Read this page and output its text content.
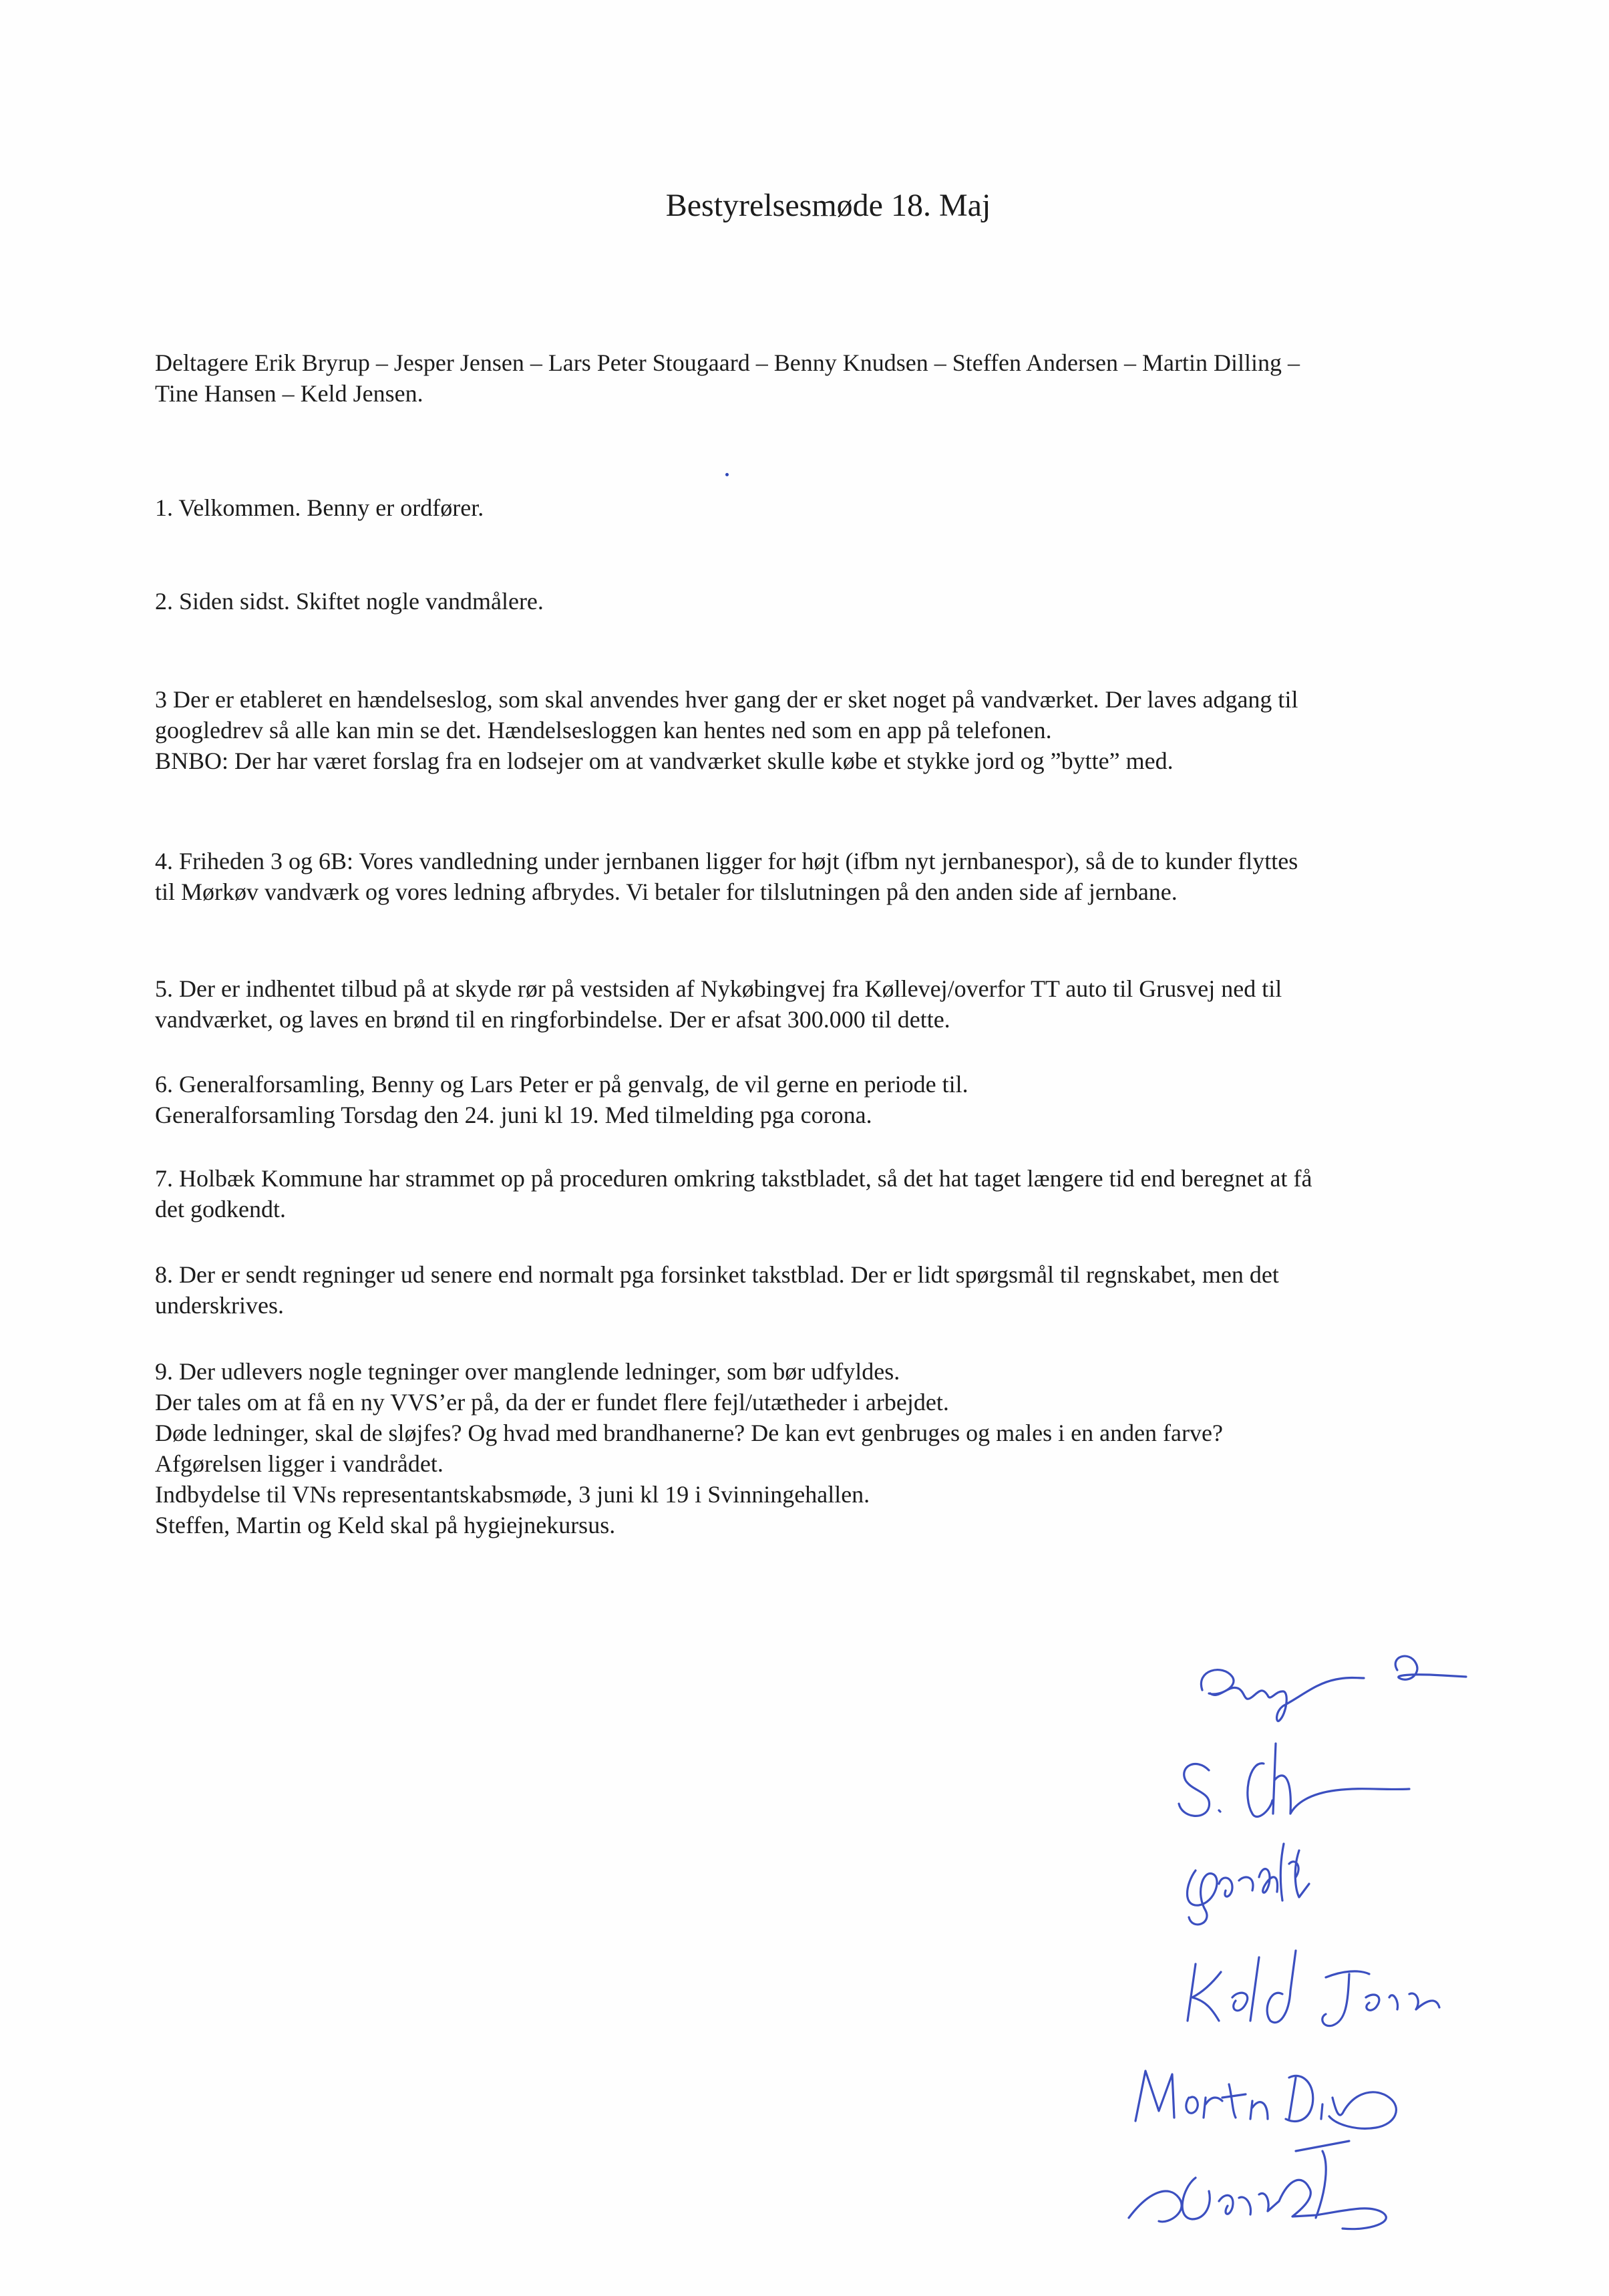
Bestyrelsesmøde 18. Maj
Deltagere Erik Bryrup – Jesper Jensen – Lars Peter Stougaard – Benny Knudsen – Steffen Andersen – Martin Dilling –
Tine Hansen – Keld Jensen.
1. Velkommen. Benny er ordfører.
2. Siden sidst. Skiftet nogle vandmålere.
3 Der er etableret en hændelseslog, som skal anvendes hver gang der er sket noget på vandværket. Der laves adgang til
googledrev så alle kan min se det. Hændelsesloggen kan hentes ned som en app på telefonen.
BNBO: Der har været forslag fra en lodsejer om at vandværket skulle købe et stykke jord og ”bytte” med.
4. Friheden 3 og 6B: Vores vandledning under jernbanen ligger for højt (ifbm nyt jernbanespor), så de to kunder flyttes
til Mørkøv vandværk og vores ledning afbrydes. Vi betaler for tilslutningen på den anden side af jernbane.
5. Der er indhentet tilbud på at skyde rør på vestsiden af Nykøbingvej fra Køllevej/overfor TT auto til Grusvej ned til
vandværket, og laves en brønd til en ringforbindelse. Der er afsat 300.000 til dette.
6. Generalforsamling, Benny og Lars Peter er på genvalg, de vil gerne en periode til.
Generalforsamling Torsdag den 24. juni kl 19. Med tilmelding pga corona.
7. Holbæk Kommune har strammet op på proceduren omkring takstbladet, så det hat taget længere tid end beregnet at få
det godkendt.
8. Der er sendt regninger ud senere end normalt pga forsinket takstblad. Der er lidt spørgsmål til regnskabet, men det
underskrives.
9. Der udlevers nogle tegninger over manglende ledninger, som bør udfyldes.
Der tales om at få en ny VVS’er på, da der er fundet flere fejl/utætheder i arbejdet.
Døde ledninger, skal de sløjfes? Og hvad med brandhanerne? De kan evt genbruges og males i en anden farve?
Afgørelsen ligger i vandrådet.
Indbydelse til VNs representantskabsmøde, 3 juni kl 19 i Svinningehallen.
Steffen, Martin og Keld skal på hygiejnekursus.
